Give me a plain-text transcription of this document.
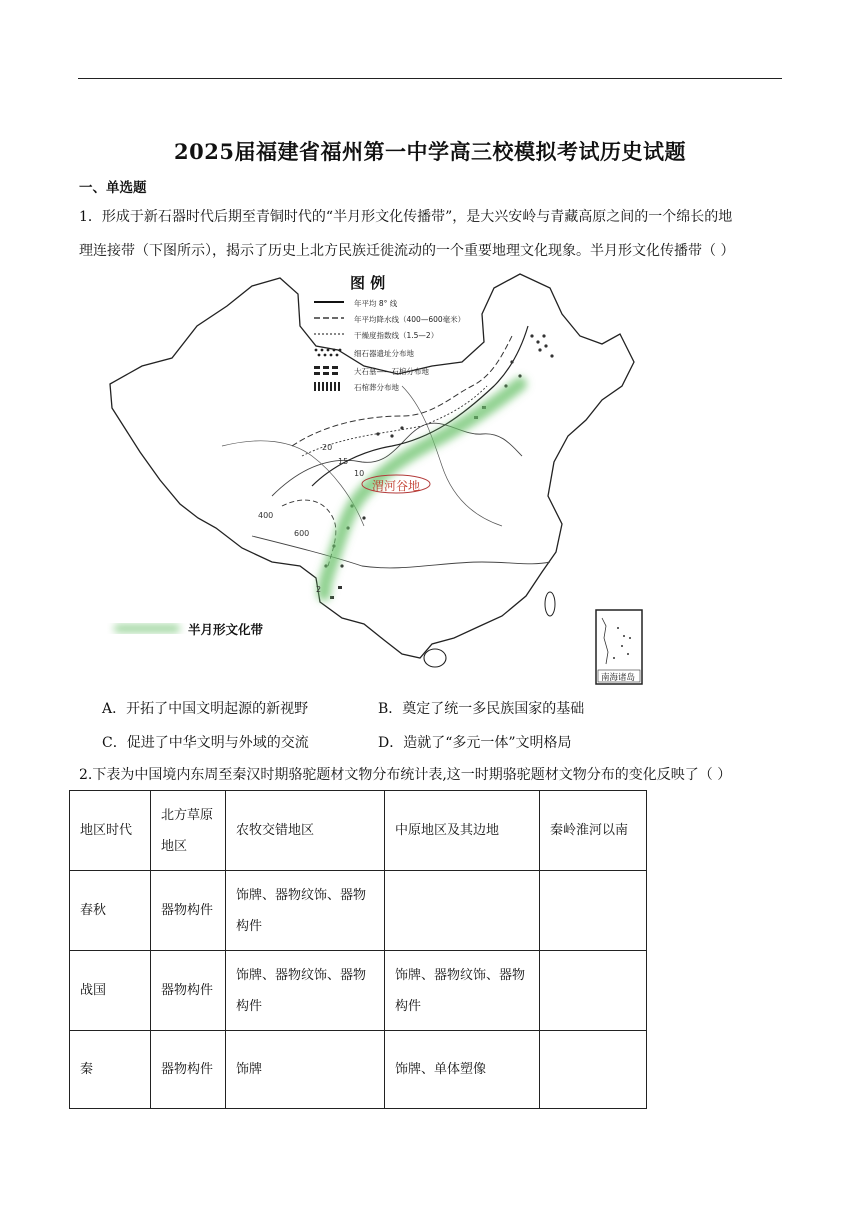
2025届福建省福州第一中学高三校模拟考试历史试题
一、单选题
1．形成于新石器时代后期至青铜时代的“半月形文化传播带”，是大兴安岭与青藏高原之间的一个绵长的地
理连接带（下图所示），揭示了历史上北方民族迁徙流动的一个重要地理文化现象。半月形文化传播带（ ）
渭河谷地
20
15
10
400
600
2
图 例
年平均 8° 线
年平均降水线（400—600毫米）
干燥度指数线（1.5—2）
细石器遗址分布地
大石墓——石棺分布地
石棺葬分布地
半月形文化带
南海诸岛
A．开拓了中国文明起源的新视野	B．奠定了统一多民族国家的基础
C．促进了中华文明与外域的交流	D．造就了“多元一体”文明格局
2.下表为中国境内东周至秦汉时期骆驼题材文物分布统计表,这一时期骆驼题材文物分布的变化反映了（ ）
地区时代	北方草原地区	农牧交错地区	中原地区及其边地	秦岭淮河以南

春秋	器物构件	饰牌、器物纹饰、器物构件		

战国	器物构件	饰牌、器物纹饰、器物构件	饰牌、器物纹饰、器物构件	

秦	器物构件	饰牌	饰牌、单体塑像	
